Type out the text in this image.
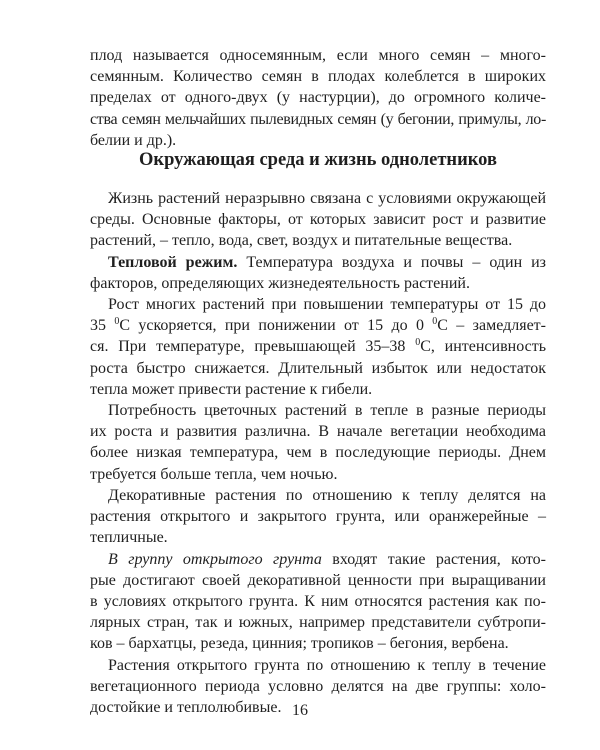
плод называется односемянным, если много семян – много-
семянным. Количество семян в плодах колеблется в широких
пределах от одного-двух (у настурции), до огромного количе-
ства семян мельчайших пылевидных семян (у бегонии, примулы, ло-
белии и др.).
Окружающая среда и жизнь однолетников
Жизнь растений неразрывно связана с условиями окружающей
среды. Основные факторы, от которых зависит рост и развитие
растений, – тепло, вода, свет, воздух и питательные вещества.
Тепловой режим. Температура воздуха и почвы – один из
факторов, определяющих жизнедеятельность растений.
Рост многих растений при повышении температуры от 15 до
35 $^0$С ускоряется, при понижении от 15 до 0 $^0$С – замедляет-
ся. При температуре, превышающей 35–38 $^0$С, интенсивность
роста быстро снижается. Длительный избыток или недостаток
тепла может привести растение к гибели.
Потребность цветочных растений в тепле в разные периоды
их роста и развития различна. В начале вегетации необходима
более низкая температура, чем в последующие периоды. Днем
требуется больше тепла, чем ночью.
Декоративные растения по отношению к теплу делятся на
растения открытого и закрытого грунта, или оранжерейные –
тепличные.
В группу открытого грунта входят такие растения, кото-
рые достигают своей декоративной ценности при выращивании
в условиях открытого грунта. К ним относятся растения как по-
лярных стран, так и южных, например представители субтропи-
ков – бархатцы, резеда, цинния; тропиков – бегония, вербена.
Растения открытого грунта по отношению к теплу в течение
вегетационного периода условно делятся на две группы: холо-
достойкие и теплолюбивые. 16
